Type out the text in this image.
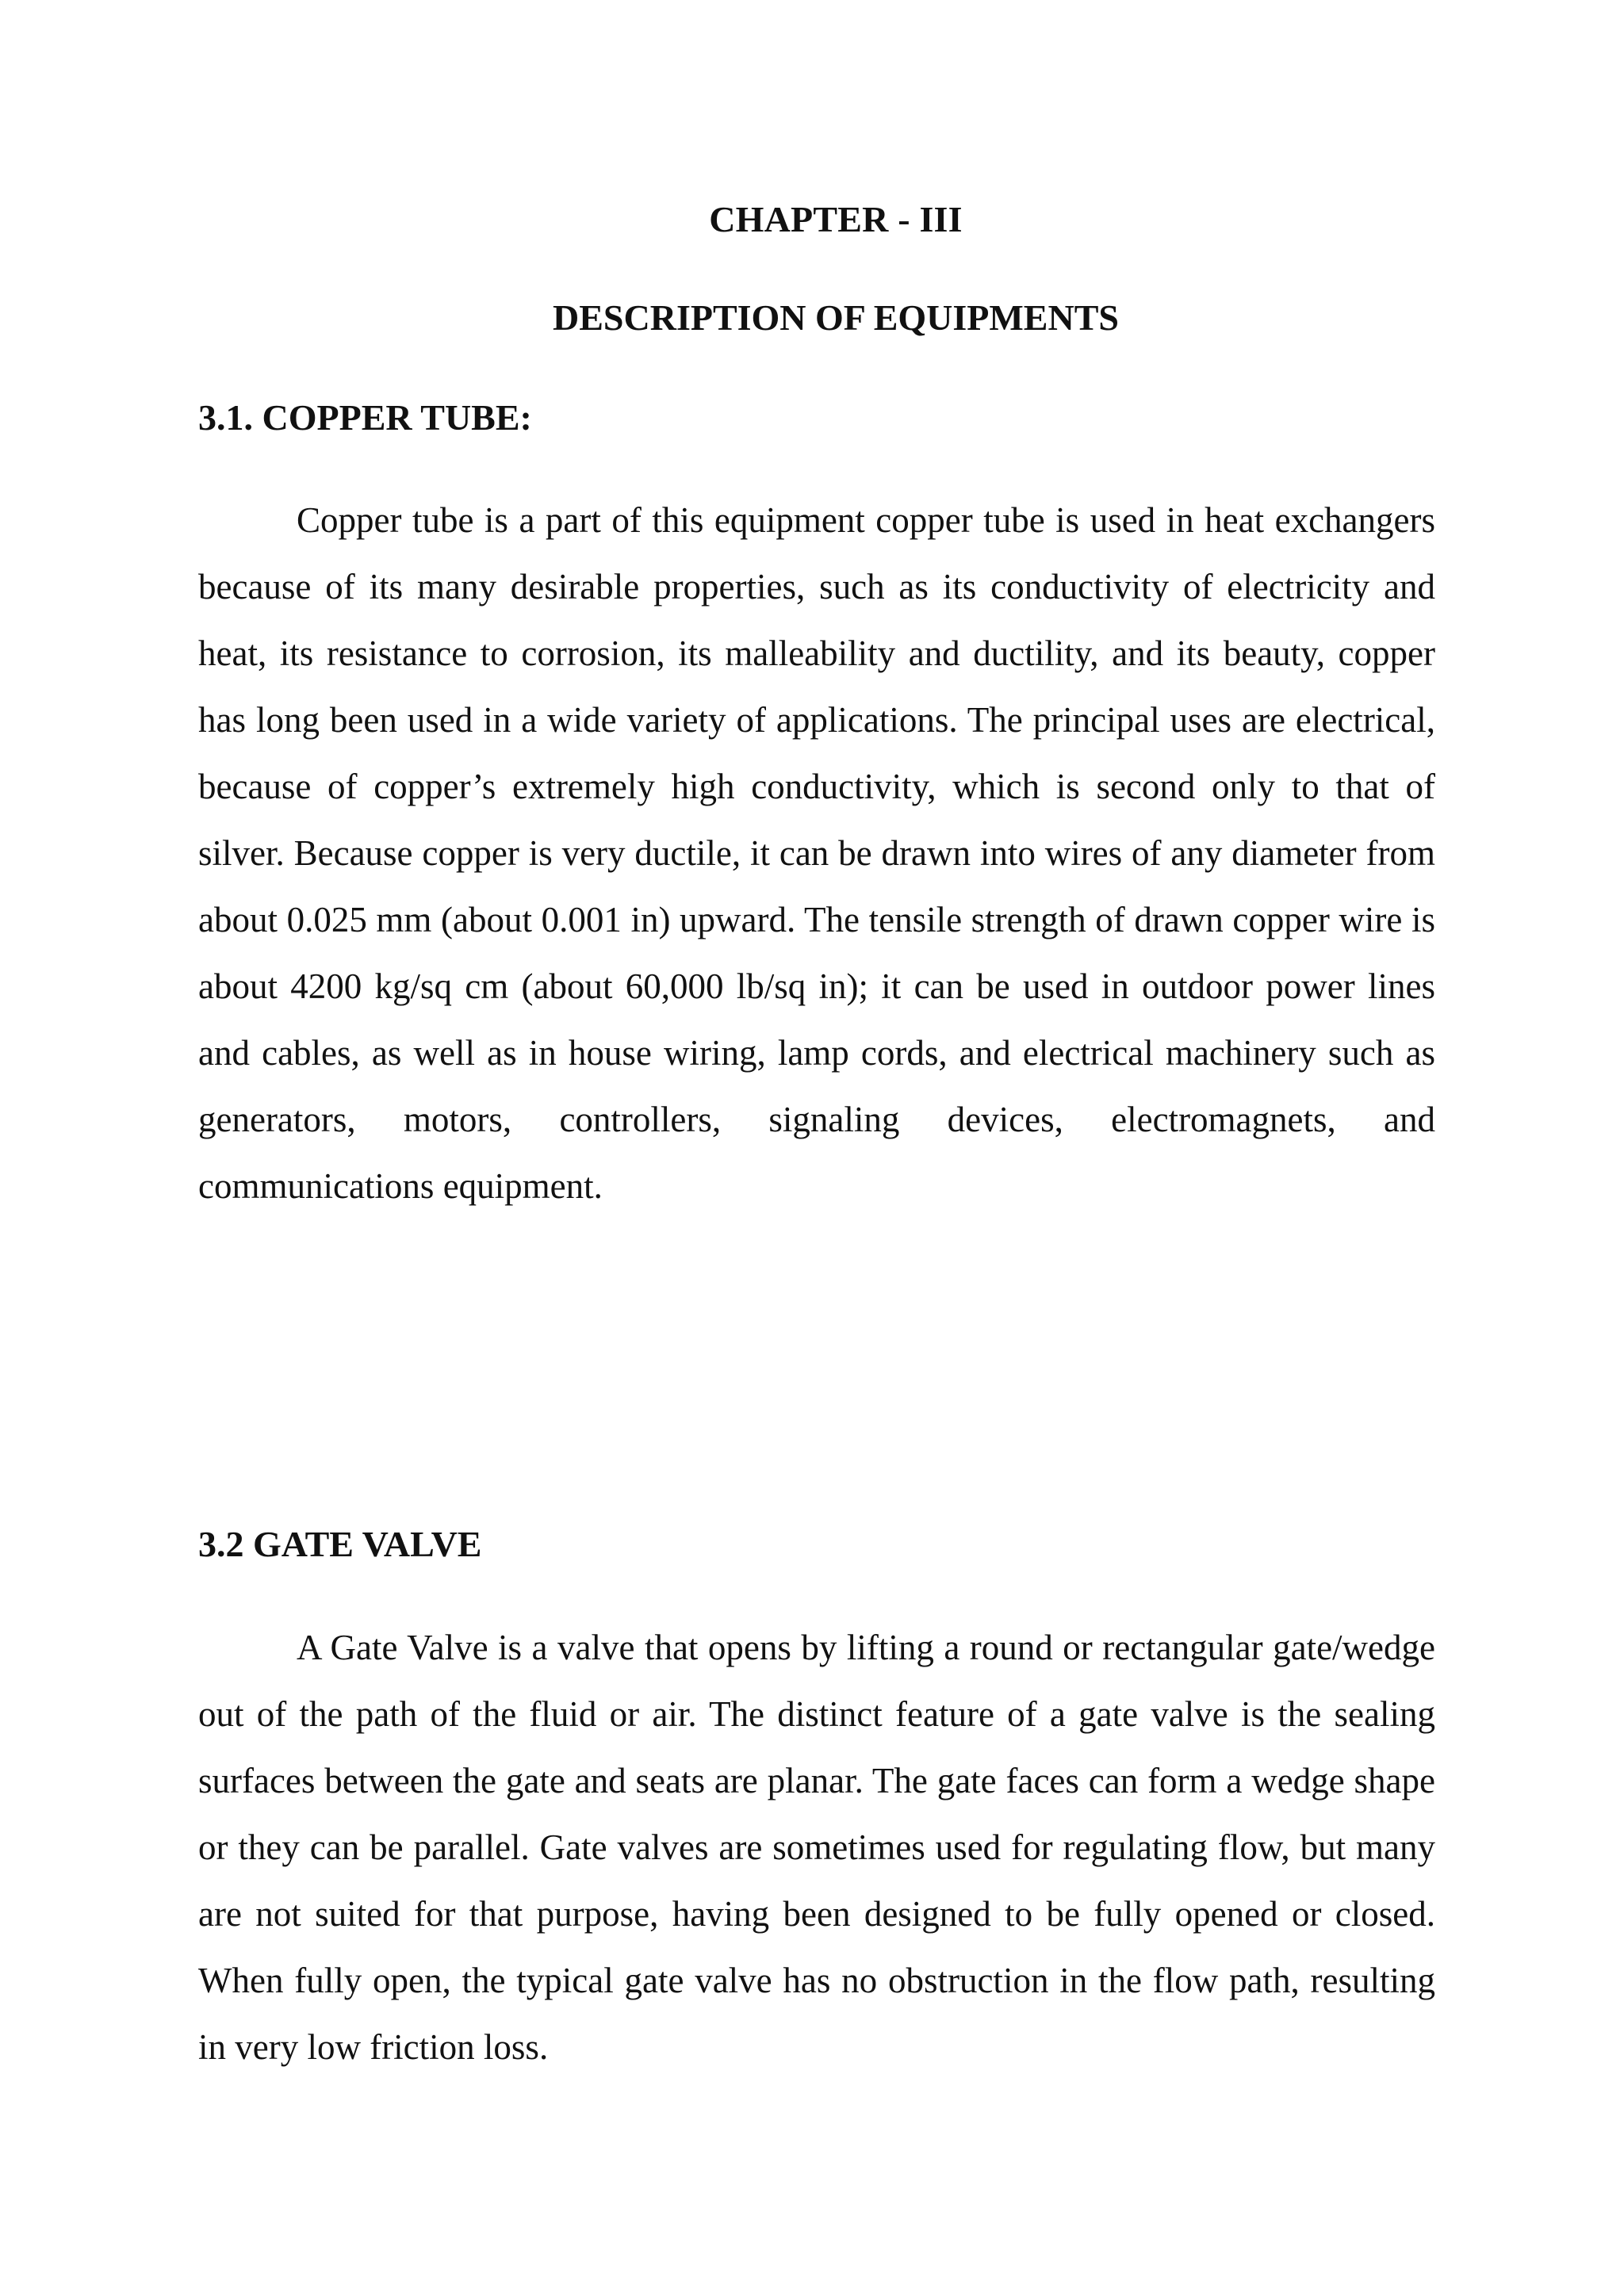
CHAPTER - III
DESCRIPTION OF EQUIPMENTS
3.1. COPPER TUBE:

Copper tube is a part of this equipment copper tube is used in heat exchangers because of its many desirable properties, such as its conductivity of electricity and heat, its resistance to corrosion, its malleability and ductility, and its beauty, copper has long been used in a wide variety of applications. The principal uses are electrical, because of copper’s extremely high conductivity, which is second only to that of silver. Because copper is very ductile, it can be drawn into wires of any diameter from about 0.025 mm (about 0.001 in) upward. The tensile strength of drawn copper wire is about 4200 kg/sq cm (about 60,000 lb/sq in); it can be used in outdoor power lines and cables, as well as in house wiring, lamp cords, and electrical machinery such as generators, motors, controllers, signaling devices, electromagnets, and communications equipment.

3.2 GATE VALVE

A Gate Valve is a valve that opens by lifting a round or rectangular gate/wedge out of the path of the fluid or air. The distinct feature of a gate valve is the sealing surfaces between the gate and seats are planar. The gate faces can form a wedge shape or they can be parallel. Gate valves are sometimes used for regulating flow, but many are not suited for that purpose, having been designed to be fully opened or closed. When fully open, the typical gate valve has no obstruction in the flow path, resulting in very low friction loss.
